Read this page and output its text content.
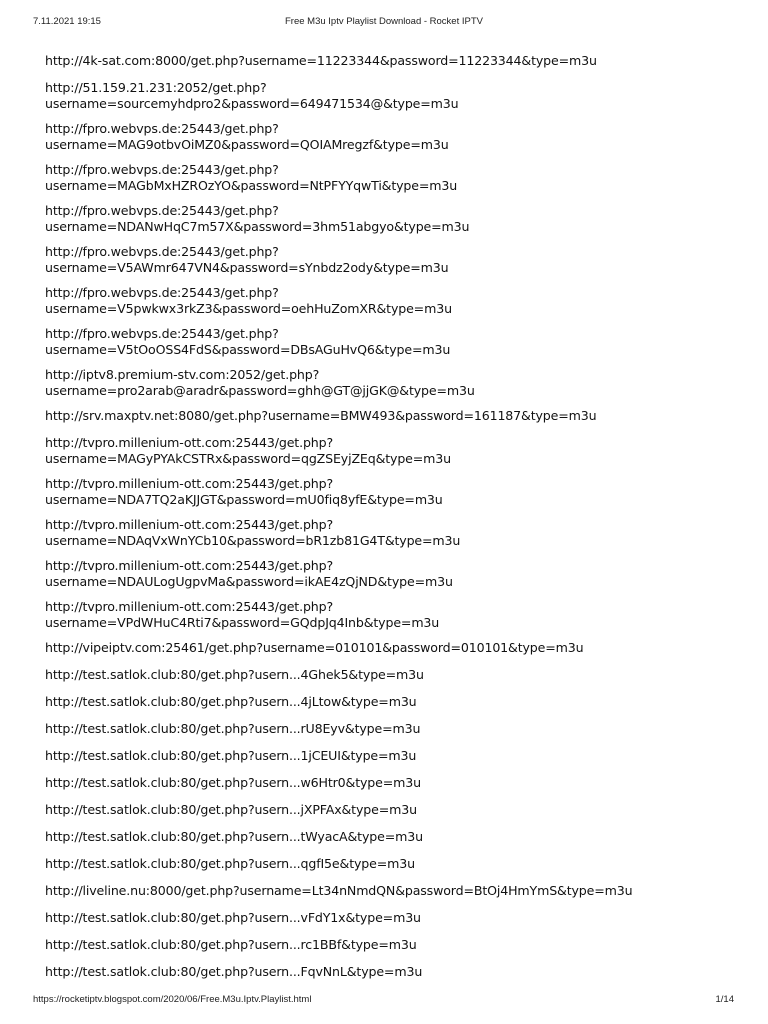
7.11.2021 19:15	Free M3u Iptv Playlist Download - Rocket IPTV
http://4k-sat.com:8000/get.php?username=11223344&password=11223344&type=m3u
http://51.159.21.231:2052/get.php?
username=sourcemyhdpro2&password=649471534@&type=m3u
http://fpro.webvps.de:25443/get.php?
username=MAG9otbvOiMZ0&password=QOIAMregzf&type=m3u
http://fpro.webvps.de:25443/get.php?
username=MAGbMxHZROzYO&password=NtPFYYqwTi&type=m3u
http://fpro.webvps.de:25443/get.php?
username=NDANwHqC7m57X&password=3hm51abgyo&type=m3u
http://fpro.webvps.de:25443/get.php?
username=V5AWmr647VN4&password=sYnbdz2ody&type=m3u
http://fpro.webvps.de:25443/get.php?
username=V5pwkwx3rkZ3&password=oehHuZomXR&type=m3u
http://fpro.webvps.de:25443/get.php?
username=V5tOoOSS4FdS&password=DBsAGuHvQ6&type=m3u
http://iptv8.premium-stv.com:2052/get.php?
username=pro2arab@aradr&password=ghh@GT@jjGK@&type=m3u
http://srv.maxptv.net:8080/get.php?username=BMW493&password=161187&type=m3u
http://tvpro.millenium-ott.com:25443/get.php?
username=MAGyPYAkCSTRx&password=qgZSEyjZEq&type=m3u
http://tvpro.millenium-ott.com:25443/get.php?
username=NDA7TQ2aKJJGT&password=mU0fiq8yfE&type=m3u
http://tvpro.millenium-ott.com:25443/get.php?
username=NDAqVxWnYCb10&password=bR1zb81G4T&type=m3u
http://tvpro.millenium-ott.com:25443/get.php?
username=NDAULogUgpvMa&password=ikAE4zQjND&type=m3u
http://tvpro.millenium-ott.com:25443/get.php?
username=VPdWHuC4Rti7&password=GQdpJq4Inb&type=m3u
http://vipeiptv.com:25461/get.php?username=010101&password=010101&type=m3u
http://test.satlok.club:80/get.php?usern...4Ghek5&type=m3u
http://test.satlok.club:80/get.php?usern...4jLtow&type=m3u
http://test.satlok.club:80/get.php?usern...rU8Eyv&type=m3u
http://test.satlok.club:80/get.php?usern...1jCEUI&type=m3u
http://test.satlok.club:80/get.php?usern...w6Htr0&type=m3u
http://test.satlok.club:80/get.php?usern...jXPFAx&type=m3u
http://test.satlok.club:80/get.php?usern...tWyacA&type=m3u
http://test.satlok.club:80/get.php?usern...qgfI5e&type=m3u
http://liveline.nu:8000/get.php?username=Lt34nNmdQN&password=BtOj4HmYmS&type=m3u
http://test.satlok.club:80/get.php?usern...vFdY1x&type=m3u
http://test.satlok.club:80/get.php?usern...rc1BBf&type=m3u
http://test.satlok.club:80/get.php?usern...FqvNnL&type=m3u
https://rocketiptv.blogspot.com/2020/06/Free.M3u.Iptv.Playlist.html	1/14
